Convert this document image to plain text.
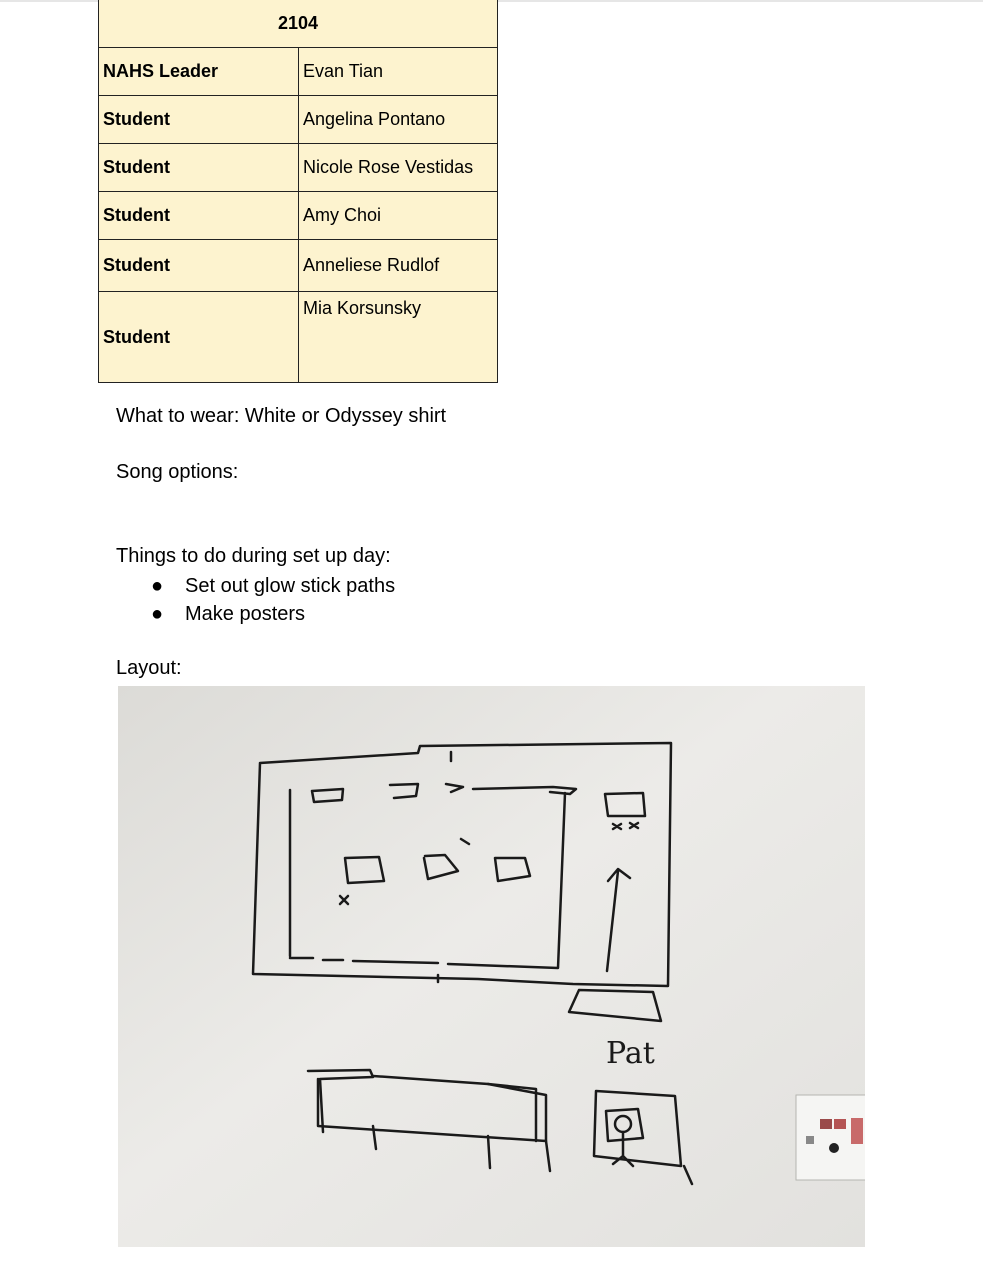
2104	
NAHS Leader	Evan Tian
Student	Angelina Pontano
Student	Nicole Rose Vestidas
Student	Amy Choi
Student	Anneliese Rudlof
Student	Mia Korsunsky
What to wear: White or Odyssey shirt
Song options:
Things to do during set up day:
● Set out glow stick paths
● Make posters
Layout:
Pat
